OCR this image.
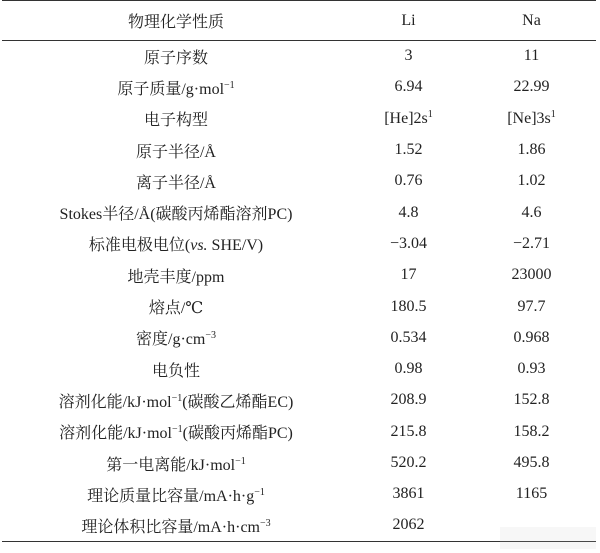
物理化学性质	Li	Na
原子序数	3	11
原子质量/g·mol$^{-1}$	6.94	22.99
电子构型	$[He]2s^1$	$[Ne]3s^1$
原子半径/Å	1.52	1.86
离子半径/Å	0.76	1.02
Stokes半径/Å(碳酸丙烯酯溶剂PC)	4.8	4.6
标准电极电位(vs. SHE/V)	−3.04	−2.71
地壳丰度/ppm	17	23000
熔点/℃	180.5	97.7
密度$/g\cdot cm^{-3}$	0.534	0.968
电负性	0.98	0.93
溶剂化能/kJ·mol$^{-1}$(碳酸乙烯酯EC)	208.9	152.8
溶剂化能/kJ·mol$^{-1}$(碳酸丙烯酯PC)	215.8	158.2
第一电离能/kJ·mol$^{-1}$	520.2	495.8
理论质量比容量$/mA\cdot h\cdot g^{-1}$	3861	1165
理论体积比容量$/mA\cdot h\cdot cm^{-3}$	2062	
